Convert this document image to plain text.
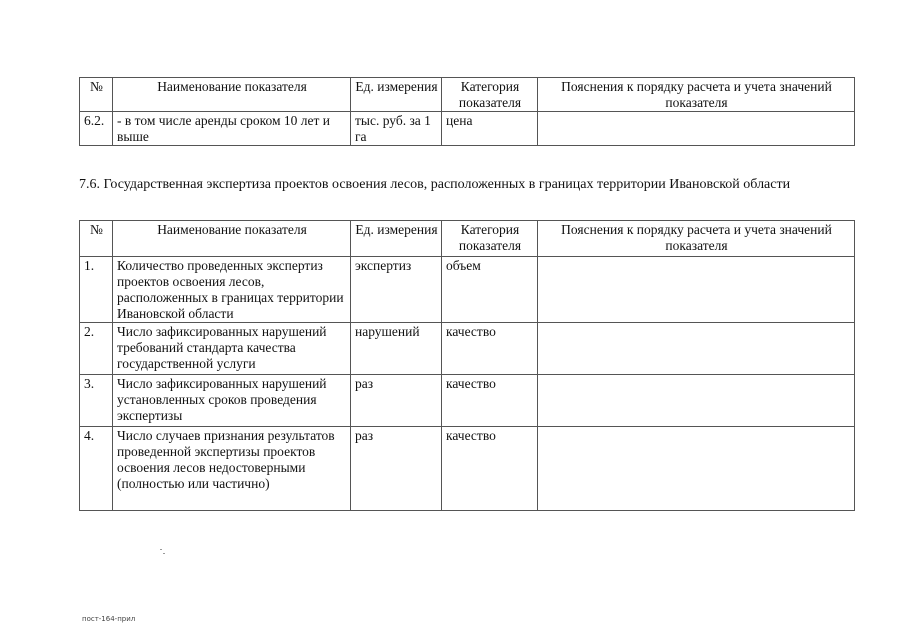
№	Наименование показателя	Ед. измерения	Категория показателя	Пояснения к порядку расчета и учета значений показателя
6.2.	- в том числе аренды сроком 10 лет и выше	тыс. руб. за 1 га	цена	
7.6. Государственная экспертиза проектов освоения лесов, расположенных в границах территории Ивановской области
№	Наименование показателя	Ед. измерения	Категория показателя	Пояснения к порядку расчета и учета значений показателя
1.	Количество проведенных экспертиз проектов освоения лесов, расположенных в границах территории Ивановской области	экспертиз	объем	
2.	Число зафиксированных нарушений требований стандарта качества государственной услуги	нарушений	качество	
3.	Число зафиксированных нарушений установленных сроков проведения экспертизы	раз	качество	
4.	Число случаев признания результатов проведенной экспертизы проектов освоения лесов недостоверными (полностью или частично)	раз	качество	
пост-164-прил
